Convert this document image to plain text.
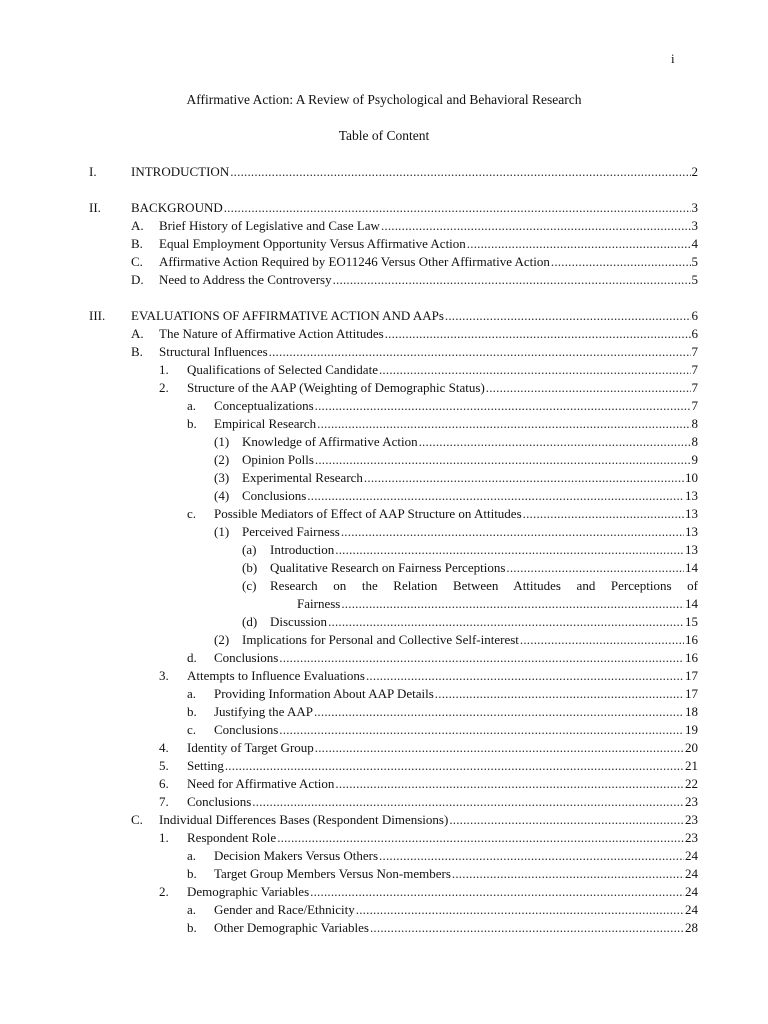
i
Affirmative Action: A Review of Psychological and Behavioral Research
Table of Content
I.	INTRODUCTION .....	2
II. BACKGROUND .....	3
A. Brief History of Legislative and Case Law .....	3
B. Equal Employment Opportunity Versus Affirmative Action .....	4
C. Affirmative Action Required by EO11246 Versus Other Affirmative Action .....	5
D. Need to Address the Controversy .....	5
III. EVALUATIONS OF AFFIRMATIVE ACTION AND AAPs .....	6
A. The Nature of Affirmative Action Attitudes .....	6
B. Structural Influences .....	7
1. Qualifications of Selected Candidate .....	7
2. Structure of the AAP (Weighting of Demographic Status) .....	7
a. Conceptualizations .....	7
b. Empirical Research .....	8
(1) Knowledge of Affirmative Action .....	8
(2) Opinion Polls .....	9
(3) Experimental Research .....	10
(4) Conclusions .....	13
c. Possible Mediators of Effect of AAP Structure on Attitudes .....	13
(1) Perceived Fairness .....	13
(a) Introduction .....	13
(b) Qualitative Research on Fairness Perceptions .....	14
(c) Research on the Relation Between Attitudes and Perceptions of
Fairness .....	14
(d) Discussion .....	15
(2) Implications for Personal and Collective Self-interest .....	16
d. Conclusions .....	16
3. Attempts to Influence Evaluations .....	17
a. Providing Information About AAP Details .....	17
b. Justifying the AAP .....	18
c. Conclusions .....	19
4. Identity of Target Group .....	20
5. Setting .....	21
6. Need for Affirmative Action .....	22
7. Conclusions .....	23
C. Individual Differences Bases (Respondent Dimensions) .....	23
1. Respondent Role .....	23
a. Decision Makers Versus Others .....	24
b. Target Group Members Versus Non-members .....	24
2. Demographic Variables .....	24
a. Gender and Race/Ethnicity .....	24
b. Other Demographic Variables .....	28
